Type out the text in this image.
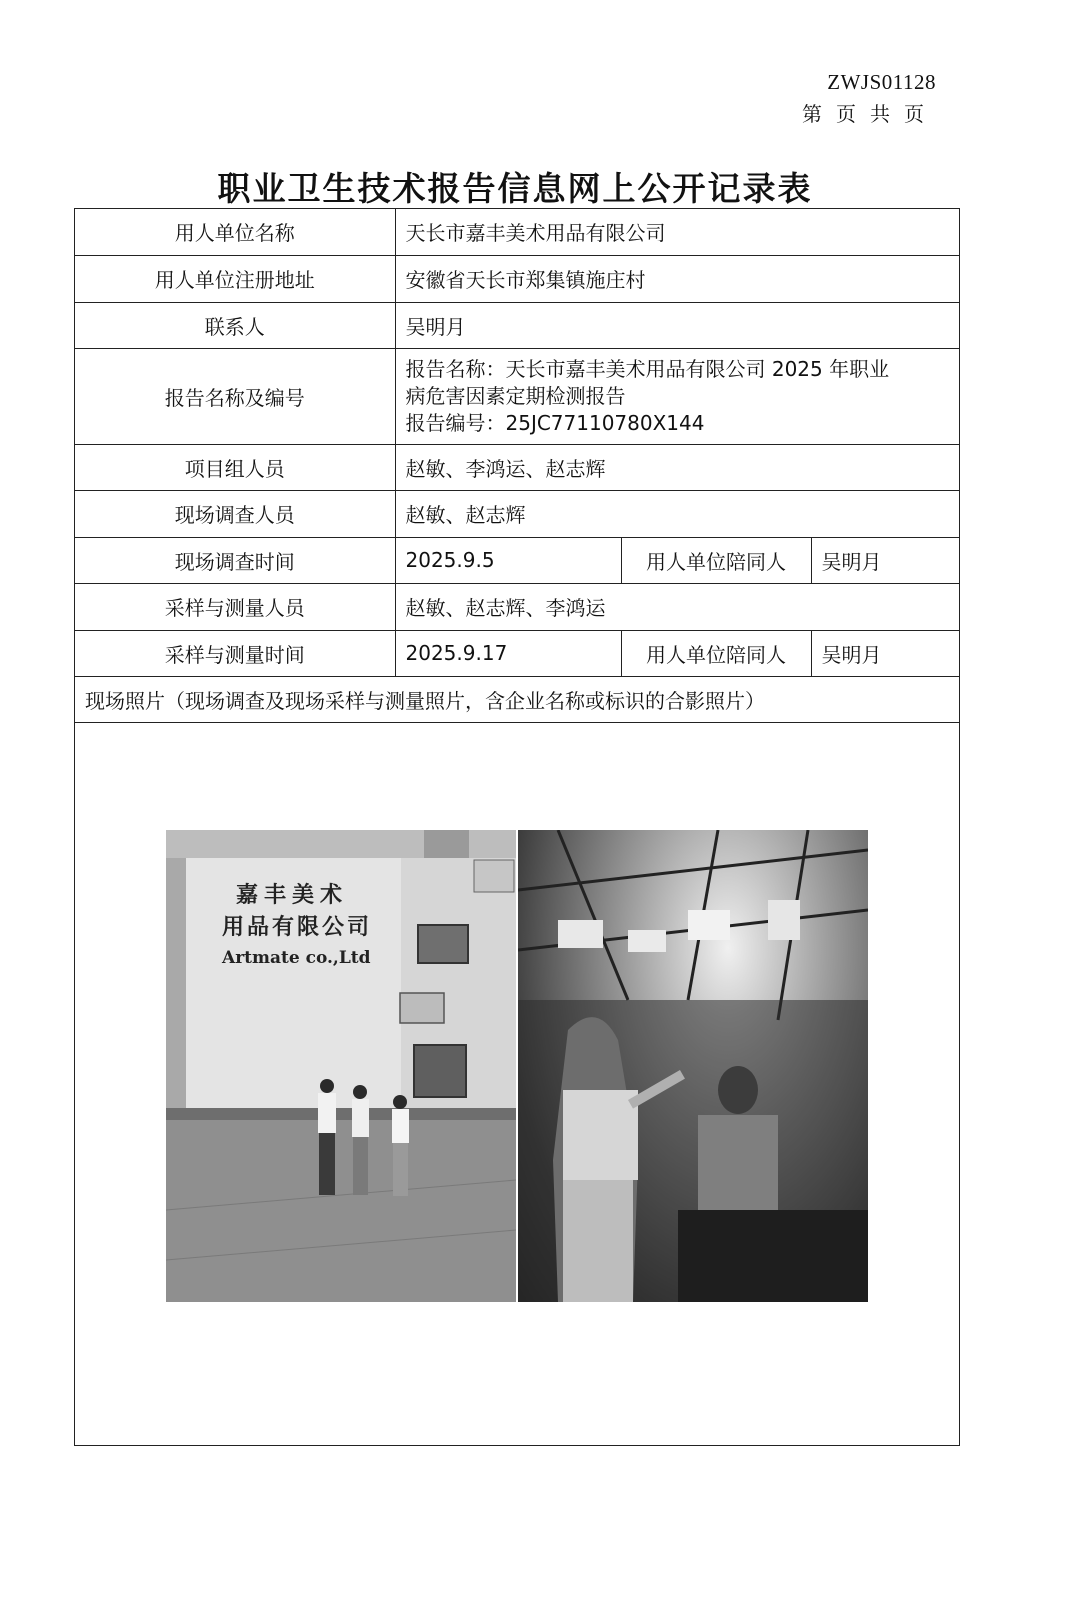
ZWJS01128
第页共页
职业卫生技术报告信息网上公开记录表
用人单位名称	天长市嘉丰美术用品有限公司		
用人单位注册地址	安徽省天长市郑集镇施庄村		
联系人	吴明月		
报告名称及编号	报告名称：天长市嘉丰美术用品有限公司 2025 年职业
病危害因素定期检测报告
报告编号：25JC77110780X144		

项目组人员	赵敏、李鸿运、赵志辉		
现场调查人员	赵敏、赵志辉		
现场调查时间	2025.9.5	用人单位陪同人	吴明月
采样与测量人员	赵敏、赵志辉、李鸿运		
采样与测量时间	2025.9.17	用人单位陪同人	吴明月
现场照片（现场调查及现场采样与测量照片，含企业名称或标识的合影照片）			
嘉丰美术
用品有限公司
Artmate co.,Ltd
